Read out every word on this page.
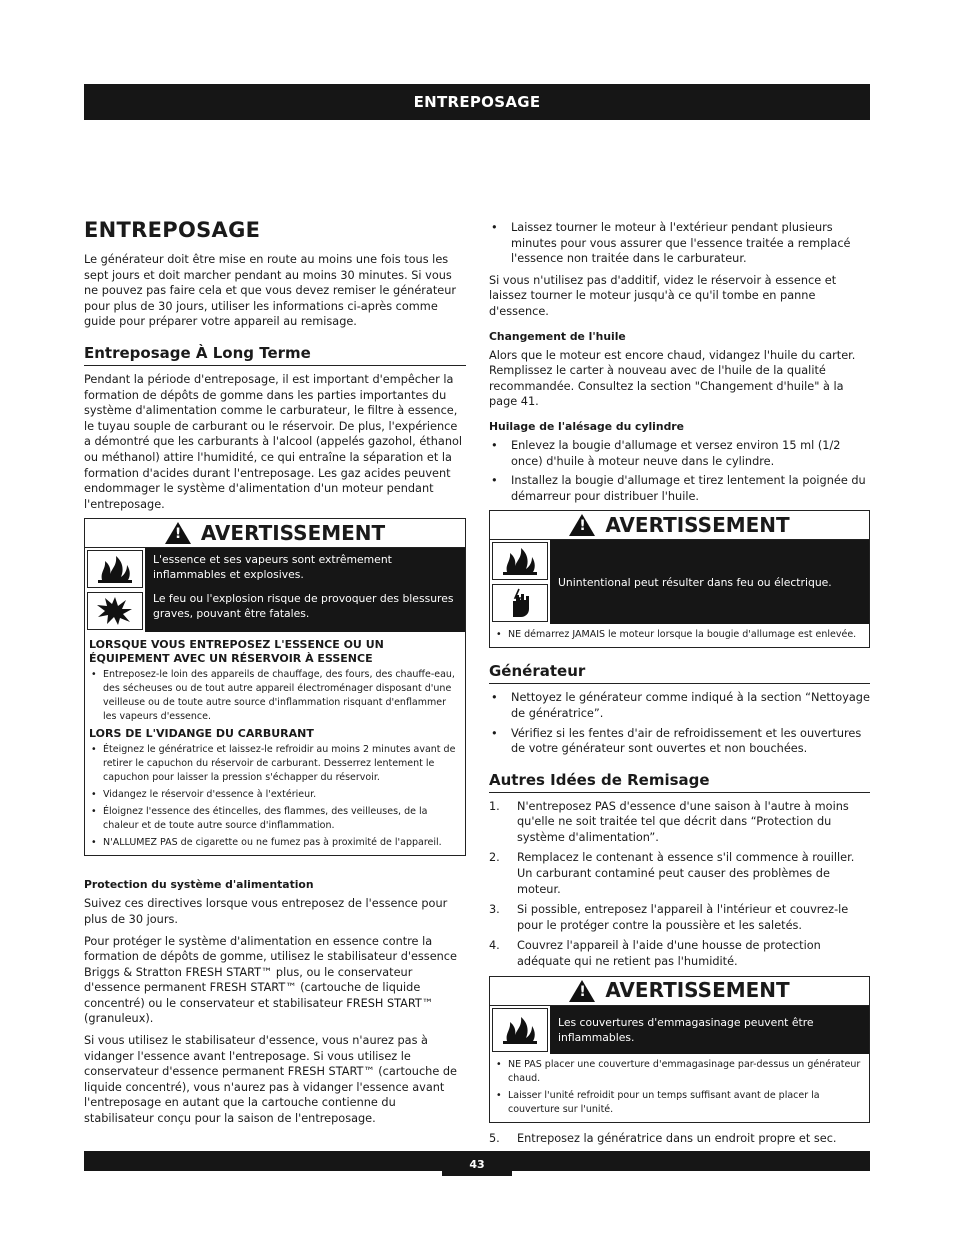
ENTREPOSAGE
ENTREPOSAGE

Le générateur doit être mise en route au moins une fois tous les sept jours et doit marcher pendant au moins 30 minutes. Si vous ne pouvez pas faire cela et que vous devez remiser le générateur pour plus de 30 jours, utiliser les informations ci-après comme guide pour préparer votre appareil au remisage.

Entreposage À Long Terme

Pendant la période d'entreposage, il est important d'empêcher la formation de dépôts de gomme dans les parties importantes du système d'alimentation comme le carburateur, le filtre à essence, le tuyau souple de carburant ou le réservoir. De plus, l'expérience a démontré que les carburants à l'alcool (appelés gazohol, éthanol ou méthanol) attire l'humidité, ce qui entraîne la séparation et la formation d'acides durant l'entreposage. Les gaz acides peuvent endommager le système d'alimentation d'un moteur pendant l'entreposage.

!
AVERTISSEMENT
L'essence et ses vapeurs sont extrêmement inflammables et explosives.
Le feu ou l'explosion risque de provoquer des blessures graves, pouvant être fatales.
LORSQUE VOUS ENTREPOSEZ L'ESSENCE OU UN ÉQUIPEMENT AVEC UN RÉSERVOIR À ESSENCE
• Entreposez-le loin des appareils de chauffage, des fours, des chauffe-eau, des sécheuses ou de tout autre appareil électroménager disposant d'une veilleuse ou de toute autre source d'inflammation risquant d'enflammer les vapeurs d'essence.
LORS DE L'VIDANGE DU CARBURANT
• Éteignez le génératrice et laissez-le refroidir au moins 2 minutes avant de retirer le capuchon du réservoir de carburant. Desserrez lentement le capuchon pour laisser la pression s'échapper du réservoir.
• Vidangez le réservoir d'essence à l'extérieur.
• Éloignez l'essence des étincelles, des flammes, des veilleuses, de la chaleur et de toute autre source d'inflammation.
• N'ALLUMEZ PAS de cigarette ou ne fumez pas à proximité de l'appareil.
Protection du système d'alimentation

Suivez ces directives lorsque vous entreposez de l'essence pour plus de 30 jours.

Pour protéger le système d'alimentation en essence contre la formation de dépôts de gomme, utilisez le stabilisateur d'essence Briggs & Stratton FRESH START™ plus, ou le conservateur d'essence permanent FRESH START™ (cartouche de liquide concentré) ou le conservateur et stabilisateur FRESH START™ (granuleux).

Si vous utilisez le stabilisateur d'essence, vous n'aurez pas à vidanger l'essence avant l'entreposage. Si vous utilisez le conservateur d'essence permanent FRESH START™ (cartouche de liquide concentré), vous n'aurez pas à vidanger l'essence avant l'entreposage en autant que la cartouche contienne du stabilisateur conçu pour la saison de l'entreposage.

• Laissez tourner le moteur à l'extérieur pendant plusieurs minutes pour vous assurer que l'essence traitée a remplacé l'essence non traitée dans le carburateur.

Si vous n'utilisez pas d'additif, videz le réservoir à essence et laissez tourner le moteur jusqu'à ce qu'il tombe en panne d'essence.

Changement de l'huile

Alors que le moteur est encore chaud, vidangez l'huile du carter. Remplissez le carter à nouveau avec de l'huile de la qualité recommandée. Consultez la section "Changement d'huile" à la page 41.

Huilage de l'alésage du cylindre
• Enlevez la bougie d'allumage et versez environ 15 ml (1/2 once) d'huile à moteur neuve dans le cylindre.
• Installez la bougie d'allumage et tirez lentement la poignée du démarreur pour distribuer l'huile.
!
AVERTISSEMENT
Unintentional peut résulter dans feu ou électrique.
• NE démarrez JAMAIS le moteur lorsque la bougie d'allumage est enlevée.
Générateur
• Nettoyez le générateur comme indiqué à la section “Nettoyage de génératrice”.
• Vérifiez si les fentes d'air de refroidissement et les ouvertures de votre générateur sont ouvertes et non bouchées.
Autres Idées de Remisage
1. N'entreposez PAS d'essence d'une saison à l'autre à moins qu'elle ne soit traitée tel que décrit dans “Protection du système d'alimentation”.
2. Remplacez le contenant à essence s'il commence à rouiller. Un carburant contaminé peut causer des problèmes de moteur.
3. Si possible, entreposez l'appareil à l'intérieur et couvrez-le pour le protéger contre la poussière et les saletés.
4. Couvrez l'appareil à l'aide d'une housse de protection adéquate qui ne retient pas l'humidité.
!
AVERTISSEMENT
Les couvertures d'emmagasinage peuvent être inflammables.
• NE PAS placer une couverture d'emmagasinage par-dessus un générateur chaud.
• Laisser l'unité refroidit pour un temps suffisant avant de placer la couverture sur l'unité.
5. Entreposez la génératrice dans un endroit propre et sec.
43
